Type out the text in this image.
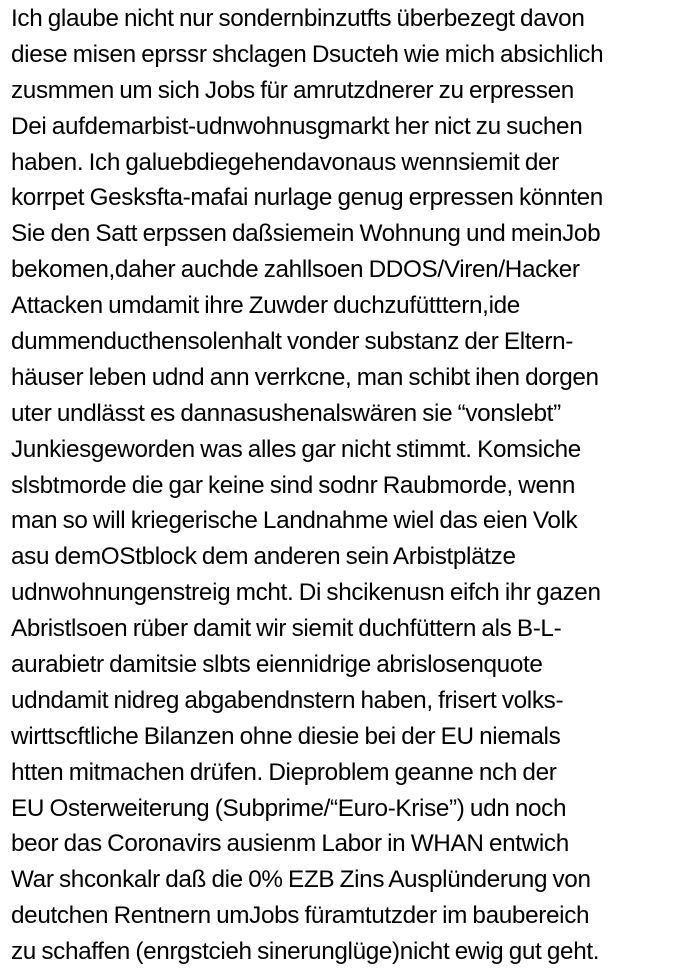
Ich glaube nicht nur sondernbinzutfts überbezegt davon
diese misen eprssr shclagen Dsucteh wie mich absichlich
zusmmen um sich Jobs für amrutzdnerer zu erpressen
Dei aufdemarbist-udnwohnusgmarkt her nict zu suchen
haben. Ich galuebdiegehendavonaus wennsiemit der
korrpet Gesksfta-mafai nurlage genug erpressen könnten
Sie den Satt erpssen daßsiemein Wohnung und meinJob
bekomen,daher auchde zahllsoen DDOS/Viren/Hacker
Attacken umdamit ihre Zuwder duchzufütttern,ide
dummenducthensolenhalt vonder substanz der Eltern-
häuser leben udnd ann verrkcne, man schibt ihen dorgen
uter undlässt es dannasushenalswären sie “vonslebt”
Junkiesgeworden was alles gar nicht stimmt. Komsiche
slsbtmorde die gar keine sind sodnr Raubmorde, wenn
man so will kriegerische Landnahme wiel das eien Volk
asu demOStblock dem anderen sein Arbistplätze
udnwohnungenstreig mcht. Di shcikenusn eifch ihr gazen
Abristlsoen rüber damit wir siemit duchfüttern als B-L-
aurabietr damitsie slbts eiennidrige abrislosenquote
udndamit nidreg abgabendnstern haben, frisert volks-
wirttscftliche Bilanzen ohne diesie bei der EU niemals
htten mitmachen drüfen. Dieproblem geanne nch der
EU Osterweiterung (Subprime/“Euro-Krise”) udn noch
beor das Coronavirs ausienm Labor in WHAN entwich
War shconkalr daß die 0% EZB Zins Ausplünderung von
deutchen Rentnern umJobs füramtutzder im baubereich
zu schaffen (enrgstcieh sinerunglüge)nicht ewig gut geht.
